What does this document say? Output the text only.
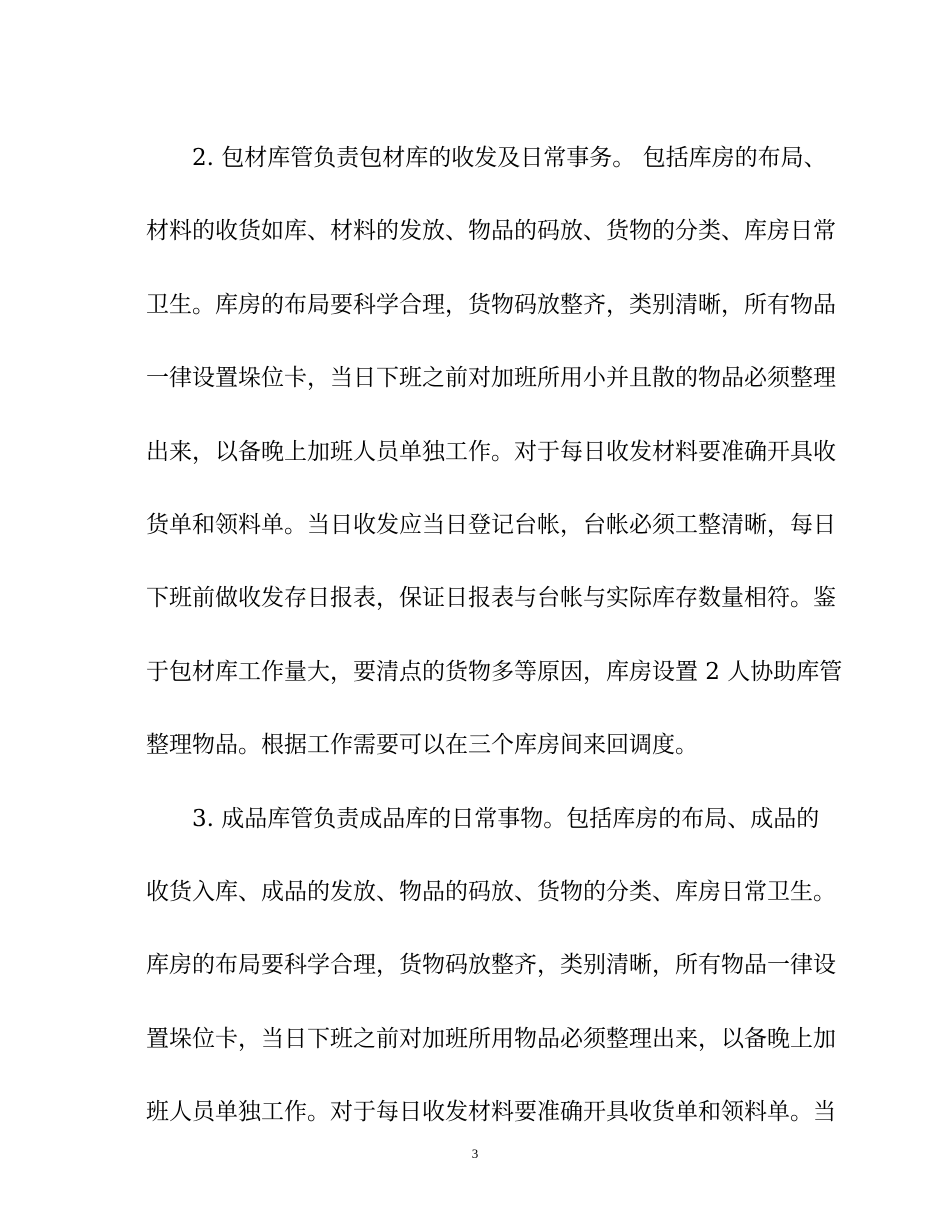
2. 包材库管负责包材库的收发及日常事务。 包括库房的布局、
材料的收货如库、材料的发放、物品的码放、货物的分类、库房日常
卫生。库房的布局要科学合理，货物码放整齐，类别清晰，所有物品
一律设置垛位卡，当日下班之前对加班所用小并且散的物品必须整理
出来，以备晚上加班人员单独工作。对于每日收发材料要准确开具收
货单和领料单。当日收发应当日登记台帐，台帐必须工整清晰，每日
下班前做收发存日报表，保证日报表与台帐与实际库存数量相符。鉴
于包材库工作量大，要清点的货物多等原因，库房设置 2 人协助库管
整理物品。根据工作需要可以在三个库房间来回调度。
3. 成品库管负责成品库的日常事物。包括库房的布局、成品的
收货入库、成品的发放、物品的码放、货物的分类、库房日常卫生。
库房的布局要科学合理，货物码放整齐，类别清晰，所有物品一律设
置垛位卡，当日下班之前对加班所用物品必须整理出来，以备晚上加
班人员单独工作。对于每日收发材料要准确开具收货单和领料单。当
3
